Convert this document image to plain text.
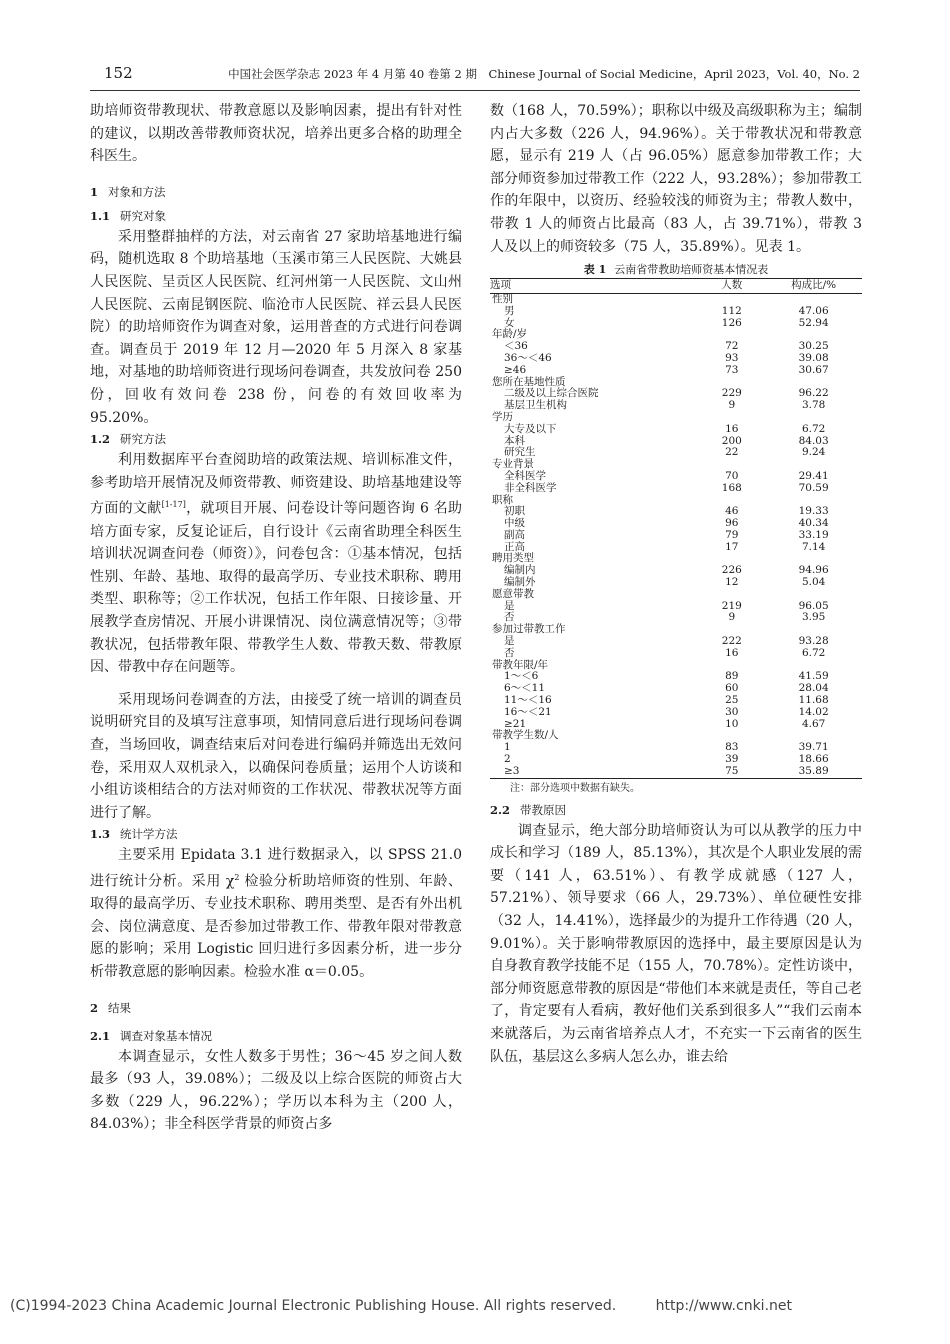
152	中国社会医学杂志 2023 年 4 月第 40 卷第 2 期　Chinese Journal of Social Medicine，April 2023，Vol. 40，No. 2

助培师资带教现状、带教意愿以及影响因素，提出有针对性的建议，以期改善带教师资状况，培养出更多合格的助理全科医生。

1 对象和方法
1.1 研究对象

采用整群抽样的方法，对云南省 27 家助培基地进行编码，随机选取 8 个助培基地（玉溪市第三人民医院、大姚县人民医院、呈贡区人民医院、红河州第一人民医院、文山州人民医院、云南昆钢医院、临沧市人民医院、祥云县人民医院）的助培师资作为调查对象，运用普查的方式进行问卷调查。调查员于 2019 年 12 月—2020 年 5 月深入 8 家基地，对基地的助培师资进行现场问卷调查，共发放问卷 250 份，回收有效问卷 238 份，问卷的有效回收率为 95.20%。

1.2 研究方法

利用数据库平台查阅助培的政策法规、培训标准文件，参考助培开展情况及师资带教、师资建设、助培基地建设等方面的文献[1-17]，就项目开展、问卷设计等问题咨询 6 名助培方面专家，反复论证后，自行设计《云南省助理全科医生培训状况调查问卷（师资）》，问卷包含：①基本情况，包括性别、年龄、基地、取得的最高学历、专业技术职称、聘用类型、职称等；②工作状况，包括工作年限、日接诊量、开展教学查房情况、开展小讲课情况、岗位满意情况等；③带教状况，包括带教年限、带教学生人数、带教天数、带教原因、带教中存在问题等。

采用现场问卷调查的方法，由接受了统一培训的调查员说明研究目的及填写注意事项，知情同意后进行现场问卷调查，当场回收，调查结束后对问卷进行编码并筛选出无效问卷，采用双人双机录入，以确保问卷质量；运用个人访谈和小组访谈相结合的方法对师资的工作状况、带教状况等方面进行了解。

1.3 统计学方法

主要采用 Epidata 3.1 进行数据录入，以 SPSS 21.0 进行统计分析。采用 $\chi^2$ 检验分析助培师资的性别、年龄、取得的最高学历、专业技术职称、聘用类型、是否有外出机会、岗位满意度、是否参加过带教工作、带教年限对带教意愿的影响；采用 Logistic 回归进行多因素分析，进一步分析带教意愿的影响因素。检验水准 α＝0.05。

2 结果
2.1 调查对象基本情况

本调查显示，女性人数多于男性；36～45 岁之间人数最多（93 人，39.08%）；二级及以上综合医院的师资占大多数（229 人，96.22%）；学历以本科为主（200 人，84.03%）；非全科医学背景的师资占多

数（168 人，70.59%）；职称以中级及高级职称为主；编制内占大多数（226 人，94.96%）。关于带教状况和带教意愿，显示有 219 人（占 96.05%）愿意参加带教工作；大部分师资参加过带教工作（222 人，93.28%）；参加带教工作的年限中，以资历、经验较浅的师资为主；带教人数中，带教 1 人的师资占比最高（83 人，占 39.71%），带教 3 人及以上的师资较多（75 人，35.89%）。见表 1。

表 1 云南省带教助培师资基本情况表
选项	人数	构成比/%
性别		
男	112	47.06
女	126	52.94
年龄/岁		
＜36	72	30.25
36～＜46	93	39.08
≥46	73	30.67
您所在基地性质		
二级及以上综合医院	229	96.22
基层卫生机构	9	3.78
学历		
大专及以下	16	6.72
本科	200	84.03
研究生	22	9.24
专业背景		
全科医学	70	29.41
非全科医学	168	70.59
职称		
初职	46	19.33
中级	96	40.34
副高	79	33.19
正高	17	7.14
聘用类型		
编制内	226	94.96
编制外	12	5.04
愿意带教		
是	219	96.05
否	9	3.95
参加过带教工作		
是	222	93.28
否	16	6.72
带教年限/年		
1～＜6	89	41.59
6～＜11	60	28.04
11～＜16	25	11.68
16～＜21	30	14.02
≥21	10	4.67
带教学生数/人		
1	83	39.71
2	39	18.66
≥3	75	35.89
注：部分选项中数据有缺失。
2.2 带教原因

调查显示，绝大部分助培师资认为可以从教学的压力中成长和学习（189 人，85.13%），其次是个人职业发展的需要（141 人，63.51%）、有教学成就感（127 人，57.21%）、领导要求（66 人，29.73%）、单位硬性安排（32 人，14.41%），选择最少的为提升工作待遇（20 人，9.01%）。关于影响带教原因的选择中，最主要原因是认为自身教育教学技能不足（155 人，70.78%）。定性访谈中，部分师资愿意带教的原因是“带他们本来就是责任，等自己老了，肯定要有人看病，教好他们关系到很多人”“我们云南本来就落后，为云南省培养点人才，不充实一下云南省的医生队伍，基层这么多病人怎么办，谁去给

(C)1994-2023 China Academic Journal Electronic Publishing House. All rights reserved.	http://www.cnki.net
